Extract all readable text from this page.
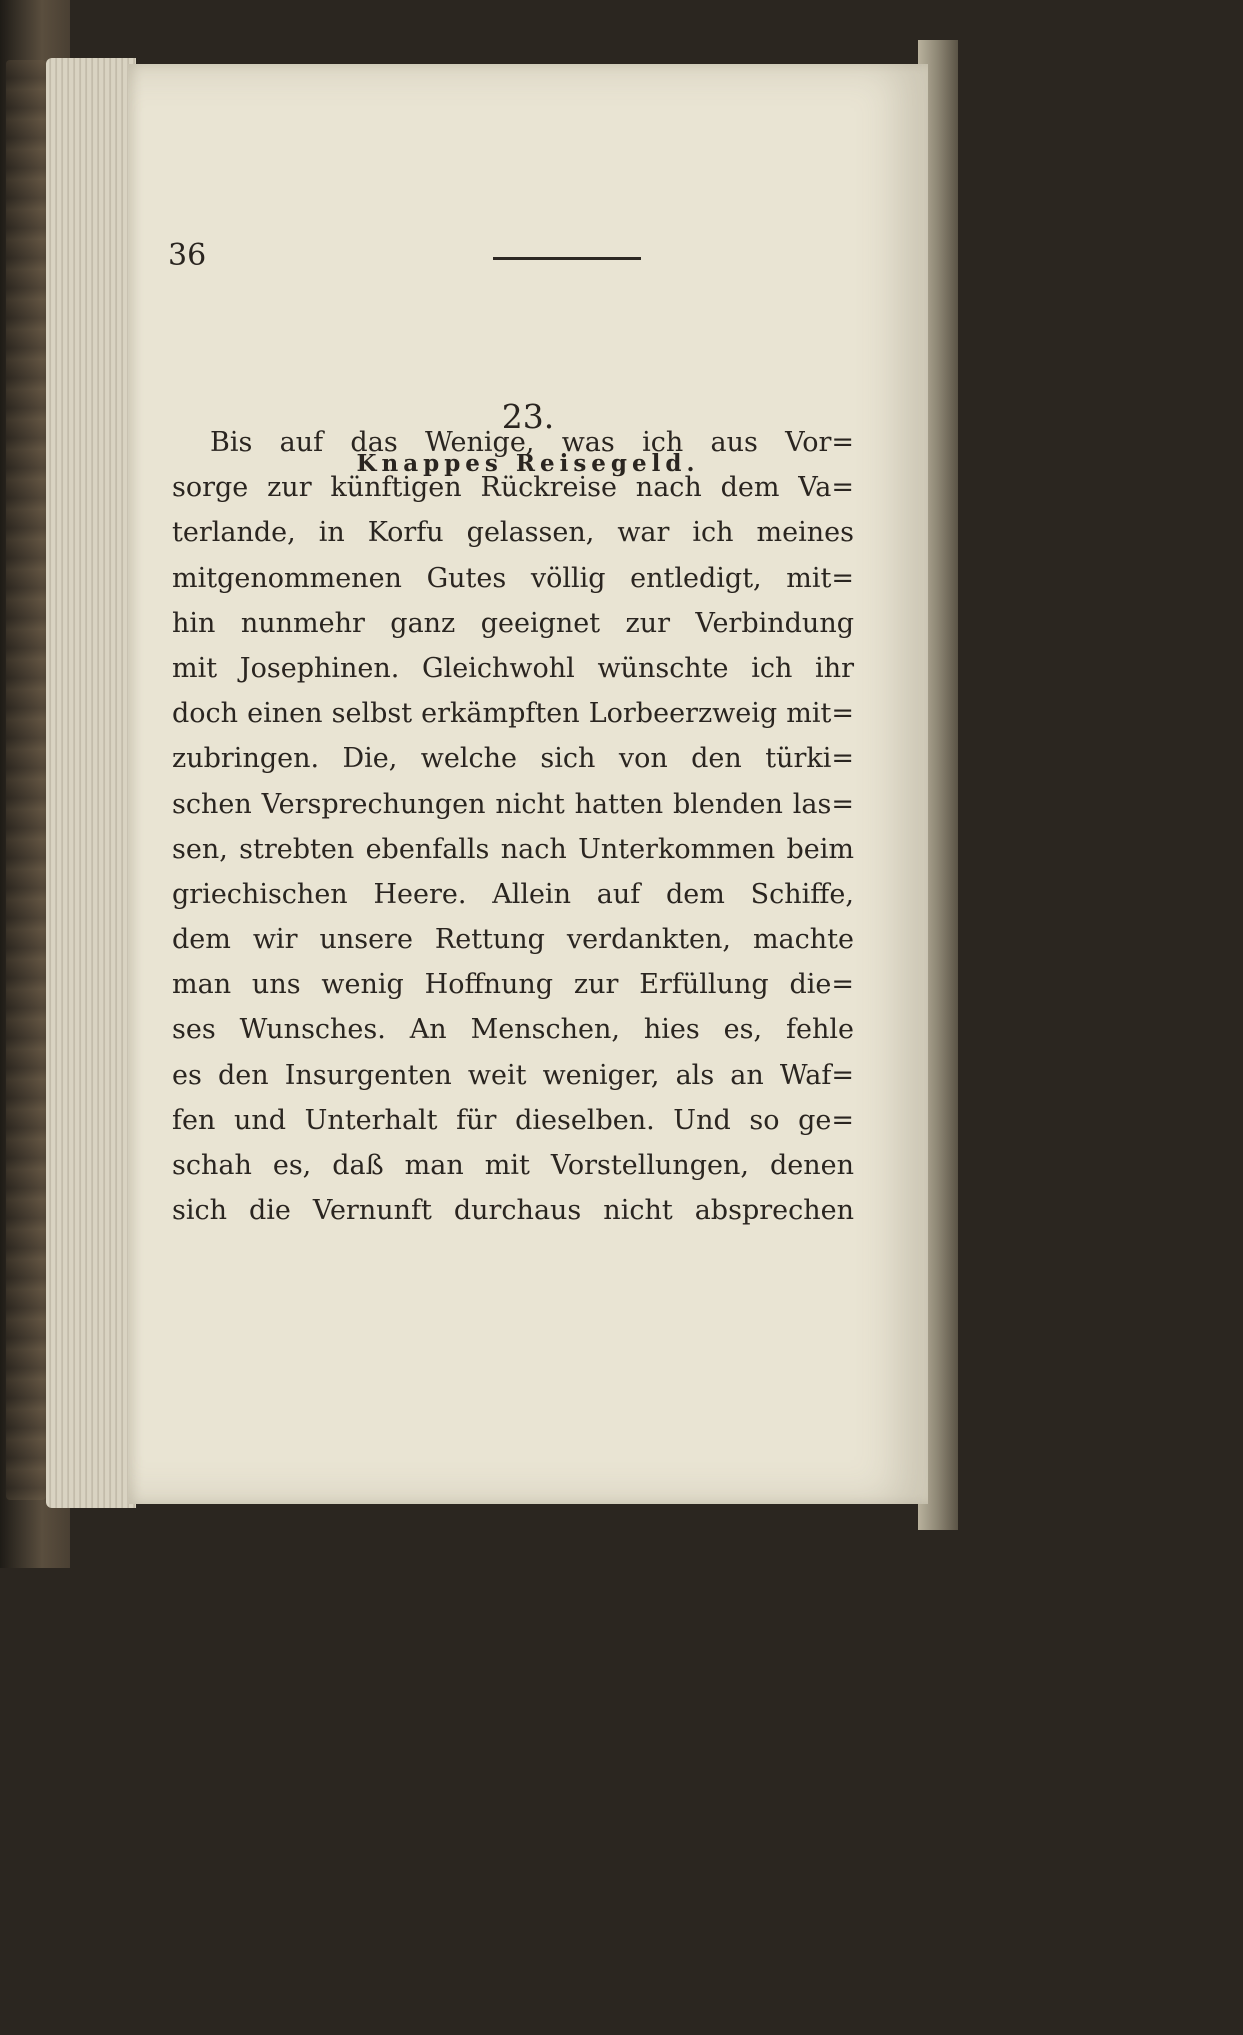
23.
Knappes Reisegeld.
36
Bis auf das Wenige, was ich aus Vor=
sorge zur künftigen Rückreise nach dem Va=
terlande, in Korfu gelassen, war ich meines
mitgenommenen Gutes völlig entledigt, mit=
hin nunmehr ganz geeignet zur Verbindung
mit Josephinen. Gleichwohl wünschte ich ihr
doch einen selbst erkämpften Lorbeerzweig mit=
zubringen. Die, welche sich von den türki=
schen Versprechungen nicht hatten blenden las=
sen, strebten ebenfalls nach Unterkommen beim
griechischen Heere. Allein auf dem Schiffe,
dem wir unsere Rettung verdankten, machte
man uns wenig Hoffnung zur Erfüllung die=
ses Wunsches. An Menschen, hies es, fehle
es den Insurgenten weit weniger, als an Waf=
fen und Unterhalt für dieselben. Und so ge=
schah es, daß man mit Vorstellungen, denen
sich die Vernunft durchaus nicht absprechen
